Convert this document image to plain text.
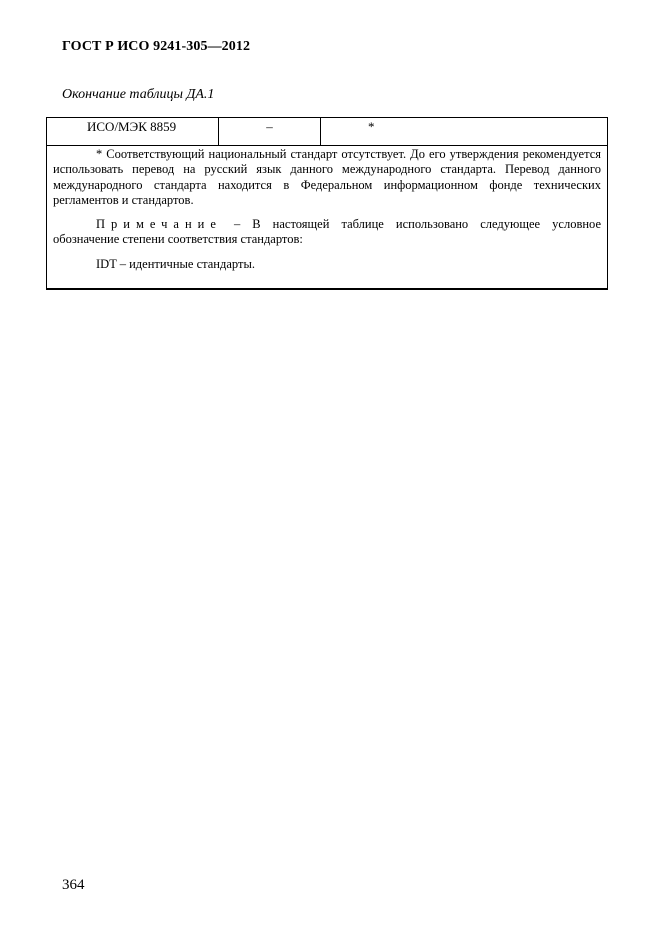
ГОСТ Р ИСО 9241-305—2012
Окончание таблицы ДА.1
ИСО/МЭК 8859	–	*

* Соответствующий национальный стандарт отсутствует. До его утверждения рекомендуется использовать перевод на русский язык данного международного стандарта. Перевод данного международного стандарта находится в Федеральном информационном фонде технических регламентов и стандартов.

Примечание – В настоящей таблице использовано следующее условное обозначение степени соответствия стандартов:

IDT – идентичные стандарты.

364
